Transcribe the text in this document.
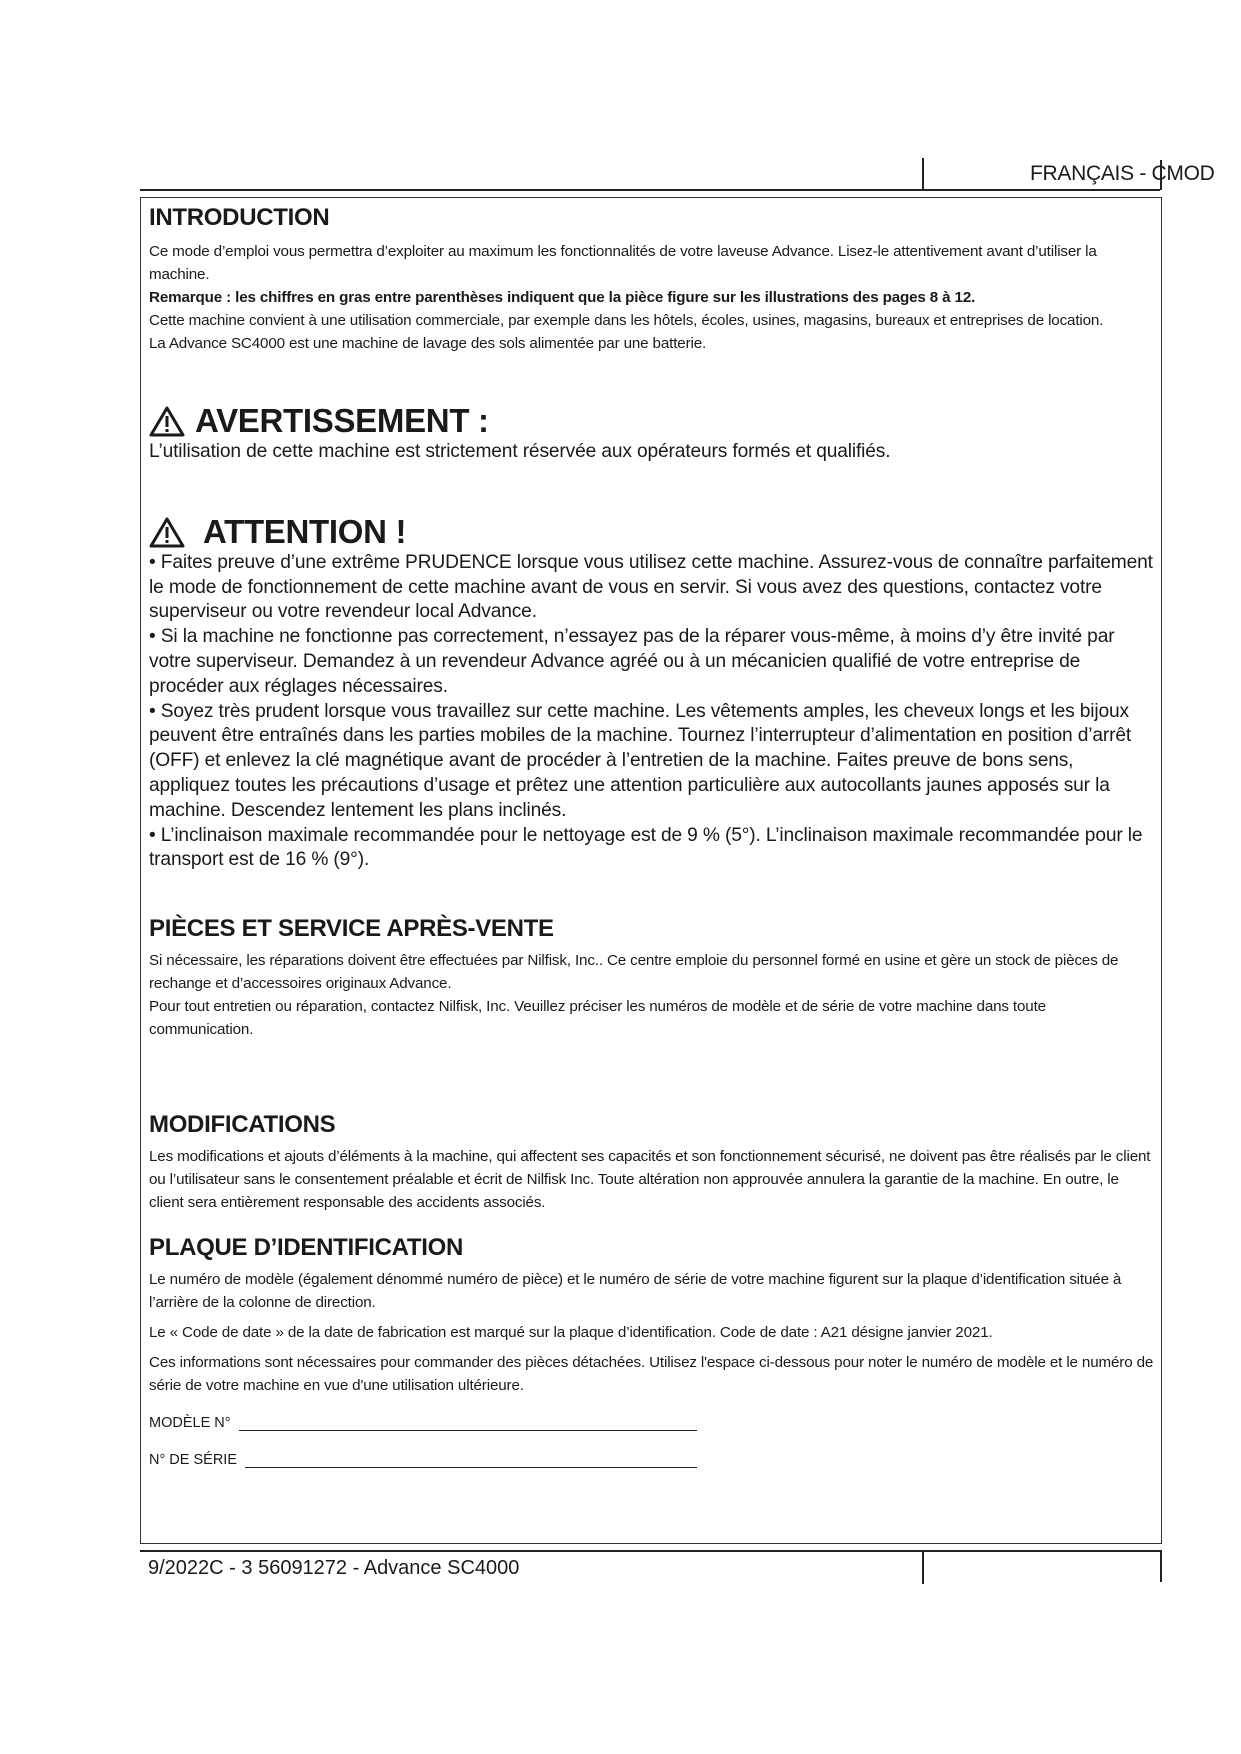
FRANÇAIS - CMOD
INTRODUCTION

Ce mode d’emploi vous permettra d’exploiter au maximum les fonctionnalités de votre laveuse Advance. Lisez-le attentivement avant d’utiliser la machine.

Remarque : les chiffres en gras entre parenthèses indiquent que la pièce figure sur les illustrations des pages 8 à 12.

Cette machine convient à une utilisation commerciale, par exemple dans les hôtels, écoles, usines, magasins, bureaux et entreprises de location.

La Advance SC4000 est une machine de lavage des sols alimentée par une batterie.

AVERTISSEMENT :

L’utilisation de cette machine est strictement réservée aux opérateurs formés et qualifiés.

ATTENTION !

• Faites preuve d’une extrême PRUDENCE lorsque vous utilisez cette machine. Assurez-vous de connaître parfaitement le mode de fonctionnement de cette machine avant de vous en servir. Si vous avez des questions, contactez votre superviseur ou votre revendeur local Advance.

• Si la machine ne fonctionne pas correctement, n’essayez pas de la réparer vous-même, à moins d’y être invité par votre superviseur. Demandez à un revendeur Advance agréé ou à un mécanicien qualifié de votre entreprise de procéder aux réglages nécessaires.

• Soyez très prudent lorsque vous travaillez sur cette machine. Les vêtements amples, les cheveux longs et les bijoux peuvent être entraînés dans les parties mobiles de la machine. Tournez l’interrupteur d’alimentation en position d’arrêt (OFF) et enlevez la clé magnétique avant de procéder à l’entretien de la machine. Faites preuve de bons sens, appliquez toutes les précautions d’usage et prêtez une attention particulière aux autocollants jaunes apposés sur la machine. Descendez lentement les plans inclinés.

• L’inclinaison maximale recommandée pour le nettoyage est de 9 % (5°). L’inclinaison maximale recommandée pour le transport est de 16 % (9°).

PIÈCES ET SERVICE APRÈS-VENTE

Si nécessaire, les réparations doivent être effectuées par Nilfisk, Inc.. Ce centre emploie du personnel formé en usine et gère un stock de pièces de rechange et d’accessoires originaux Advance.

Pour tout entretien ou réparation, contactez Nilfisk, Inc. Veuillez préciser les numéros de modèle et de série de votre machine dans toute communication.

MODIFICATIONS

Les modifications et ajouts d’éléments à la machine, qui affectent ses capacités et son fonctionnement sécurisé, ne doivent pas être réalisés par le client ou l’utilisateur sans le consentement préalable et écrit de Nilfisk Inc. Toute altération non approuvée annulera la garantie de la machine. En outre, le client sera entièrement responsable des accidents associés.

PLAQUE D’IDENTIFICATION

Le numéro de modèle (également dénommé numéro de pièce) et le numéro de série de votre machine figurent sur la plaque d’identification située à l’arrière de la colonne de direction.

Le « Code de date » de la date de fabrication est marqué sur la plaque d’identification. Code de date : A21 désigne janvier 2021.

Ces informations sont nécessaires pour commander des pièces détachées. Utilisez l'espace ci-dessous pour noter le numéro de modèle et le numéro de série de votre machine en vue d'une utilisation ultérieure.

MODÈLE N°
N° DE SÉRIE
9/2022C - 3 56091272 - Advance SC4000
